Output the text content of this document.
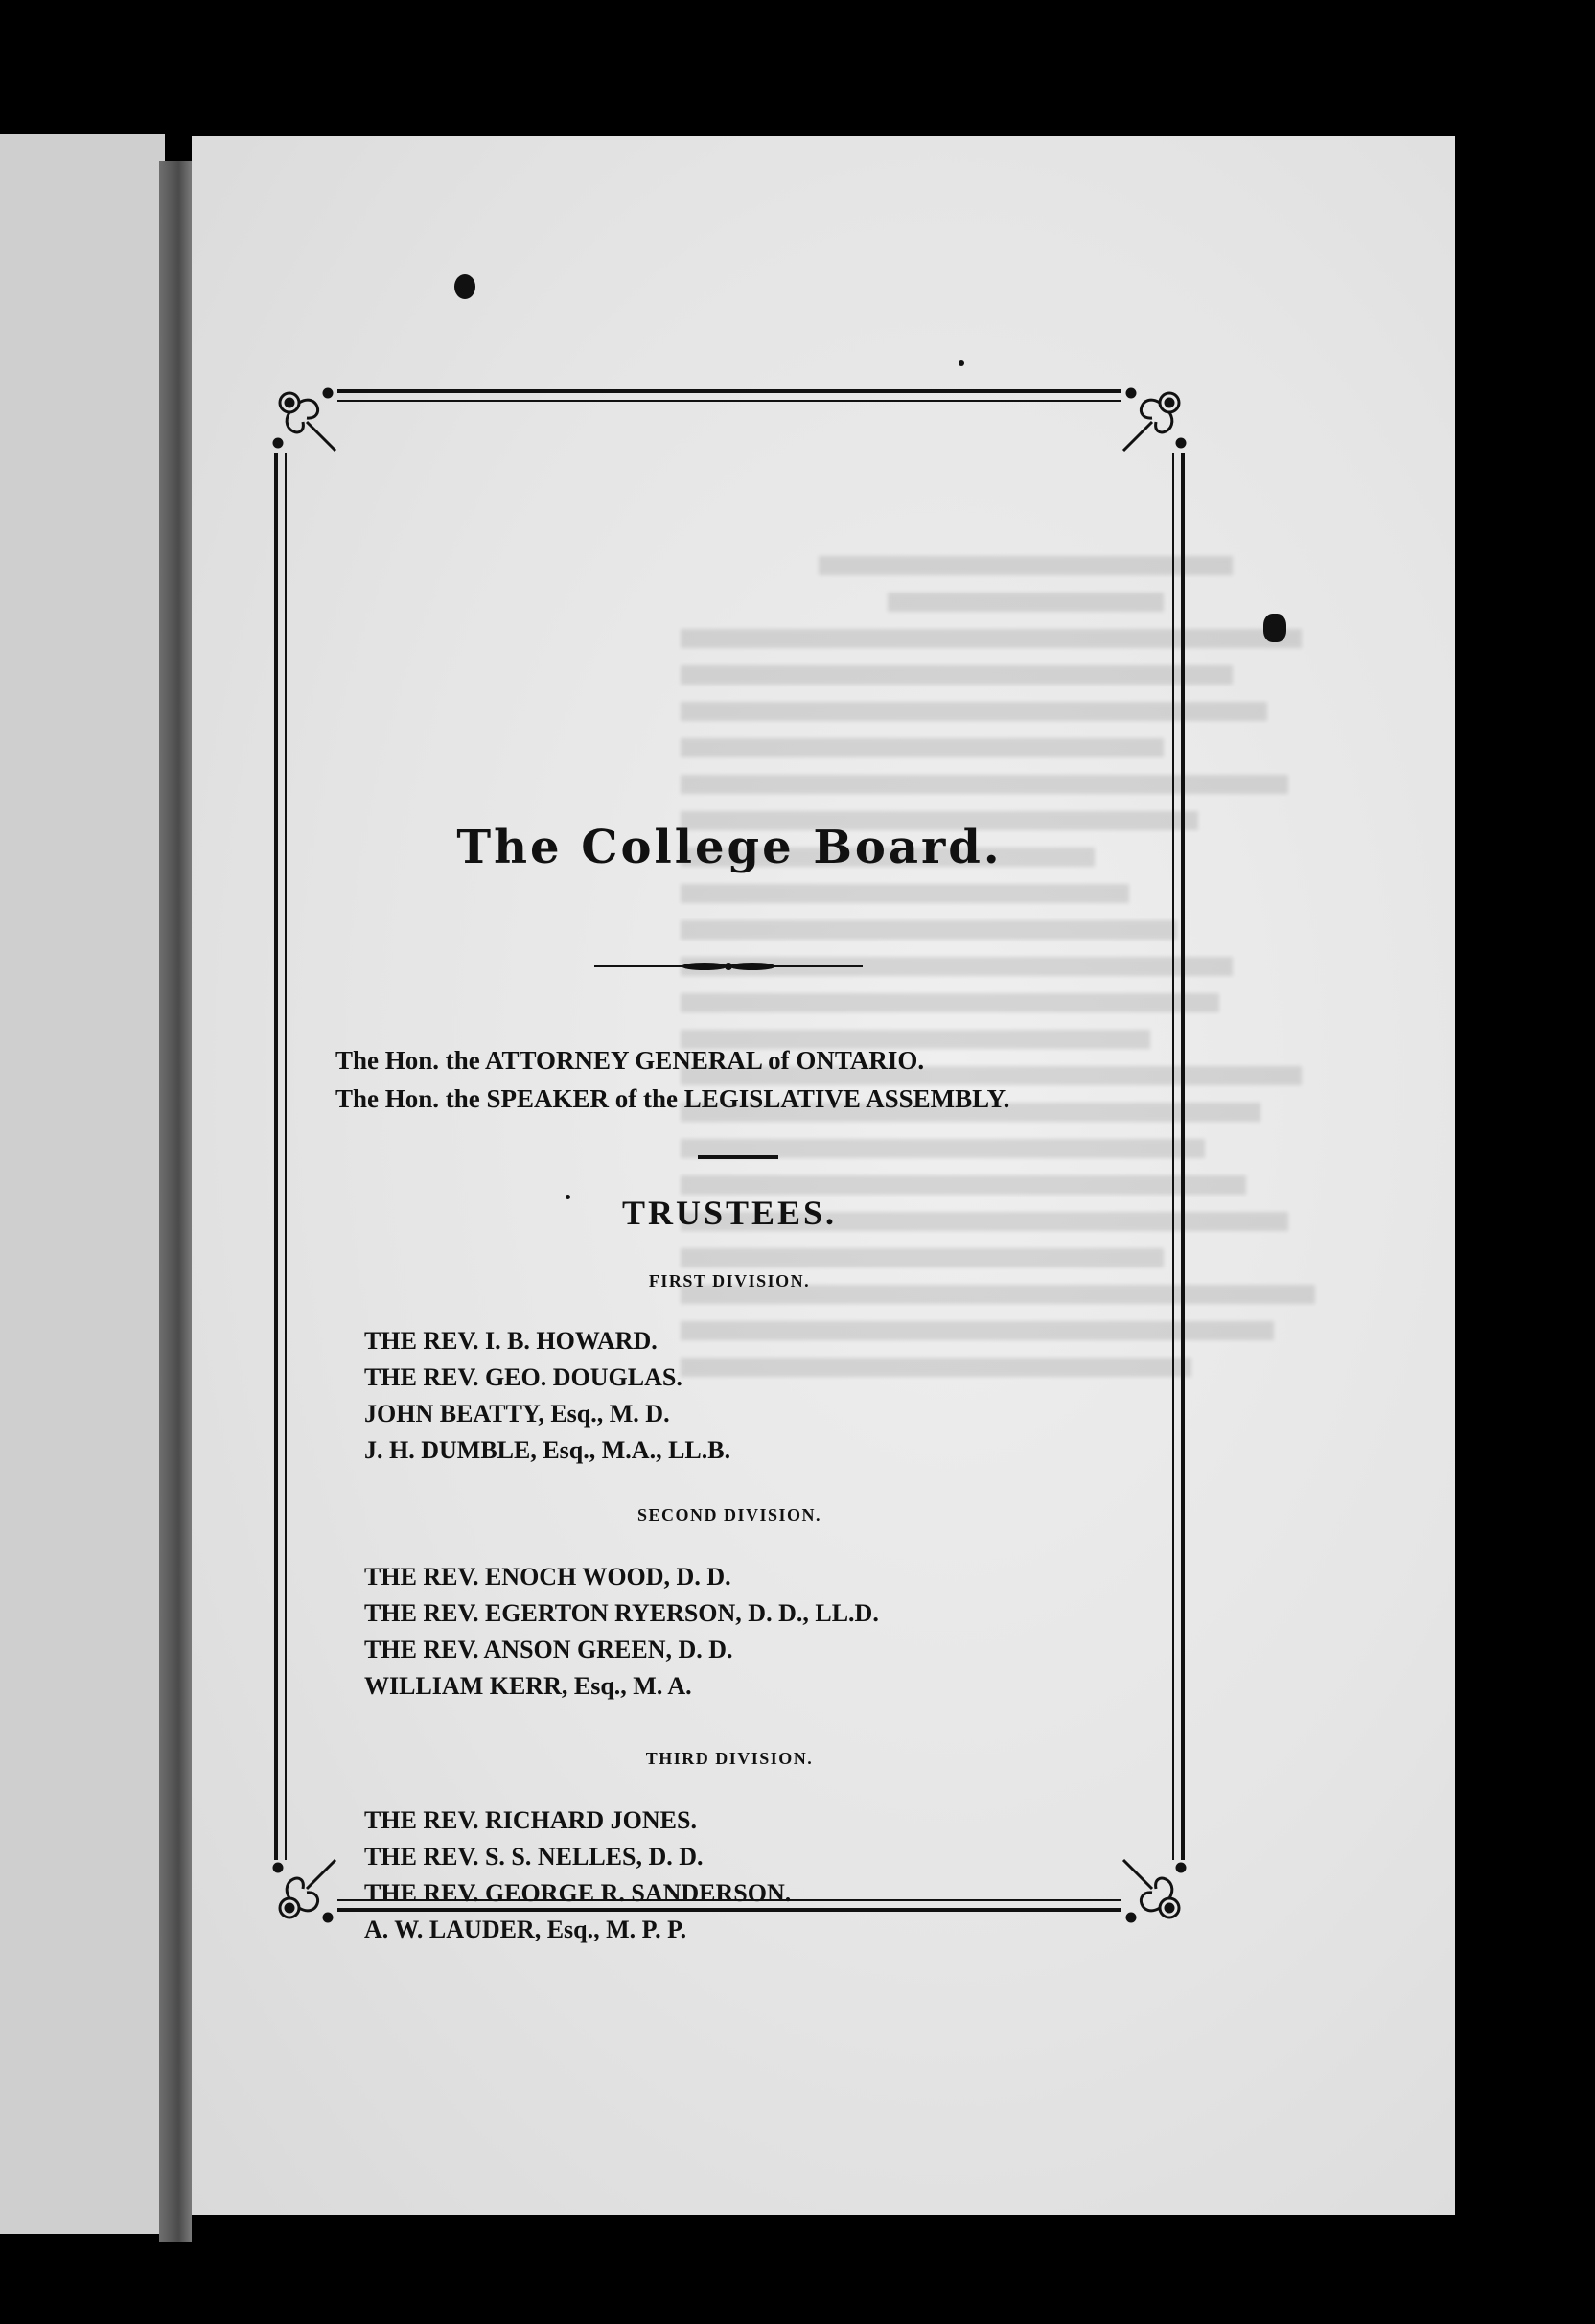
The College Board.
The Hon. the ATTORNEY GENERAL of ONTARIO.
The Hon. the SPEAKER of the LEGISLATIVE ASSEMBLY.
TRUSTEES.
FIRST DIVISION.
THE REV. I. B. HOWARD.
THE REV. GEO. DOUGLAS.
JOHN BEATTY, Esq., M. D.
J. H. DUMBLE, Esq., M.A., LL.B.
SECOND DIVISION.
THE REV. ENOCH WOOD, D. D.
THE REV. EGERTON RYERSON, D. D., LL.D.
THE REV. ANSON GREEN, D. D.
WILLIAM KERR, Esq., M. A.
THIRD DIVISION.
THE REV. RICHARD JONES.
THE REV. S. S. NELLES, D. D.
THE REV. GEORGE R. SANDERSON.
A. W. LAUDER, Esq., M. P. P.
